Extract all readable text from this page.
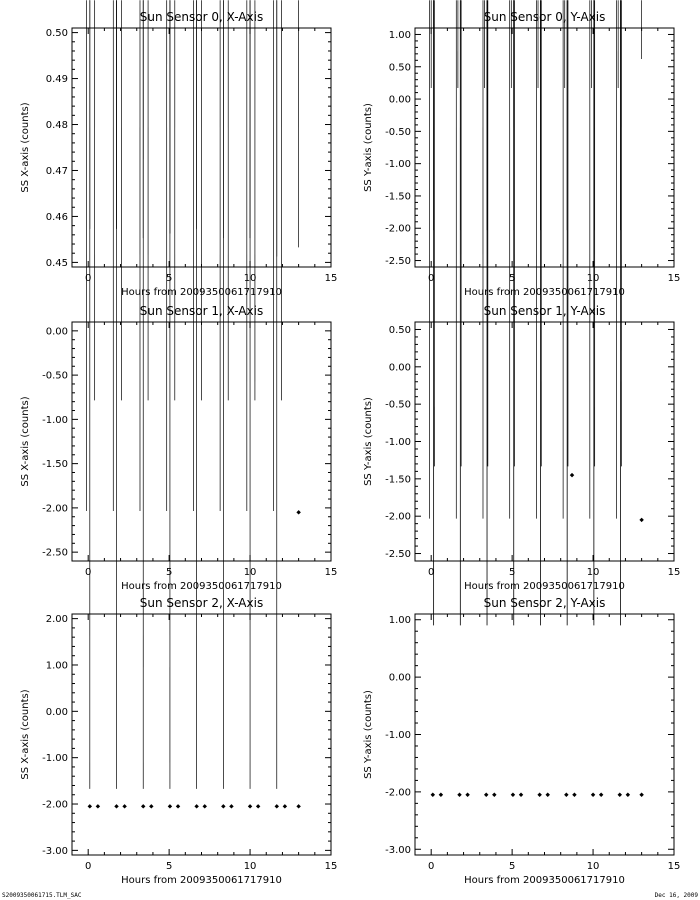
Sun Sensor 0, X-Axis
0	5	10	15
0.45
0.46
0.47
0.48
0.49
0.50
Hours from 2009350061717910
SS X-axis (counts)
Sun Sensor 0, Y-Axis
0	5	10	15
-2.50
-2.00
-1.50
-1.00
-0.50
0.00
0.50
1.00
Hours from 2009350061717910
SS Y-axis (counts)
Sun Sensor 1, X-Axis
0	5	10	15
-2.50
-2.00
-1.50
-1.00
-0.50
0.00
Hours from 2009350061717910
SS X-axis (counts)
Sun Sensor 1, Y-Axis
0	5	10	15
-2.50
-2.00
-1.50
-1.00
-0.50
0.00
0.50
Hours from 2009350061717910
SS Y-axis (counts)
Sun Sensor 2, X-Axis
0	5	10	15
-3.00
-2.00
-1.00
0.00
1.00
2.00
Hours from 2009350061717910
SS X-axis (counts)
Sun Sensor 2, Y-Axis
0	5	10	15
-3.00
-2.00
-1.00
0.00
1.00
Hours from 2009350061717910
SS Y-axis (counts)
S2009350061715.TLM_SAC	Dec 16, 2009
